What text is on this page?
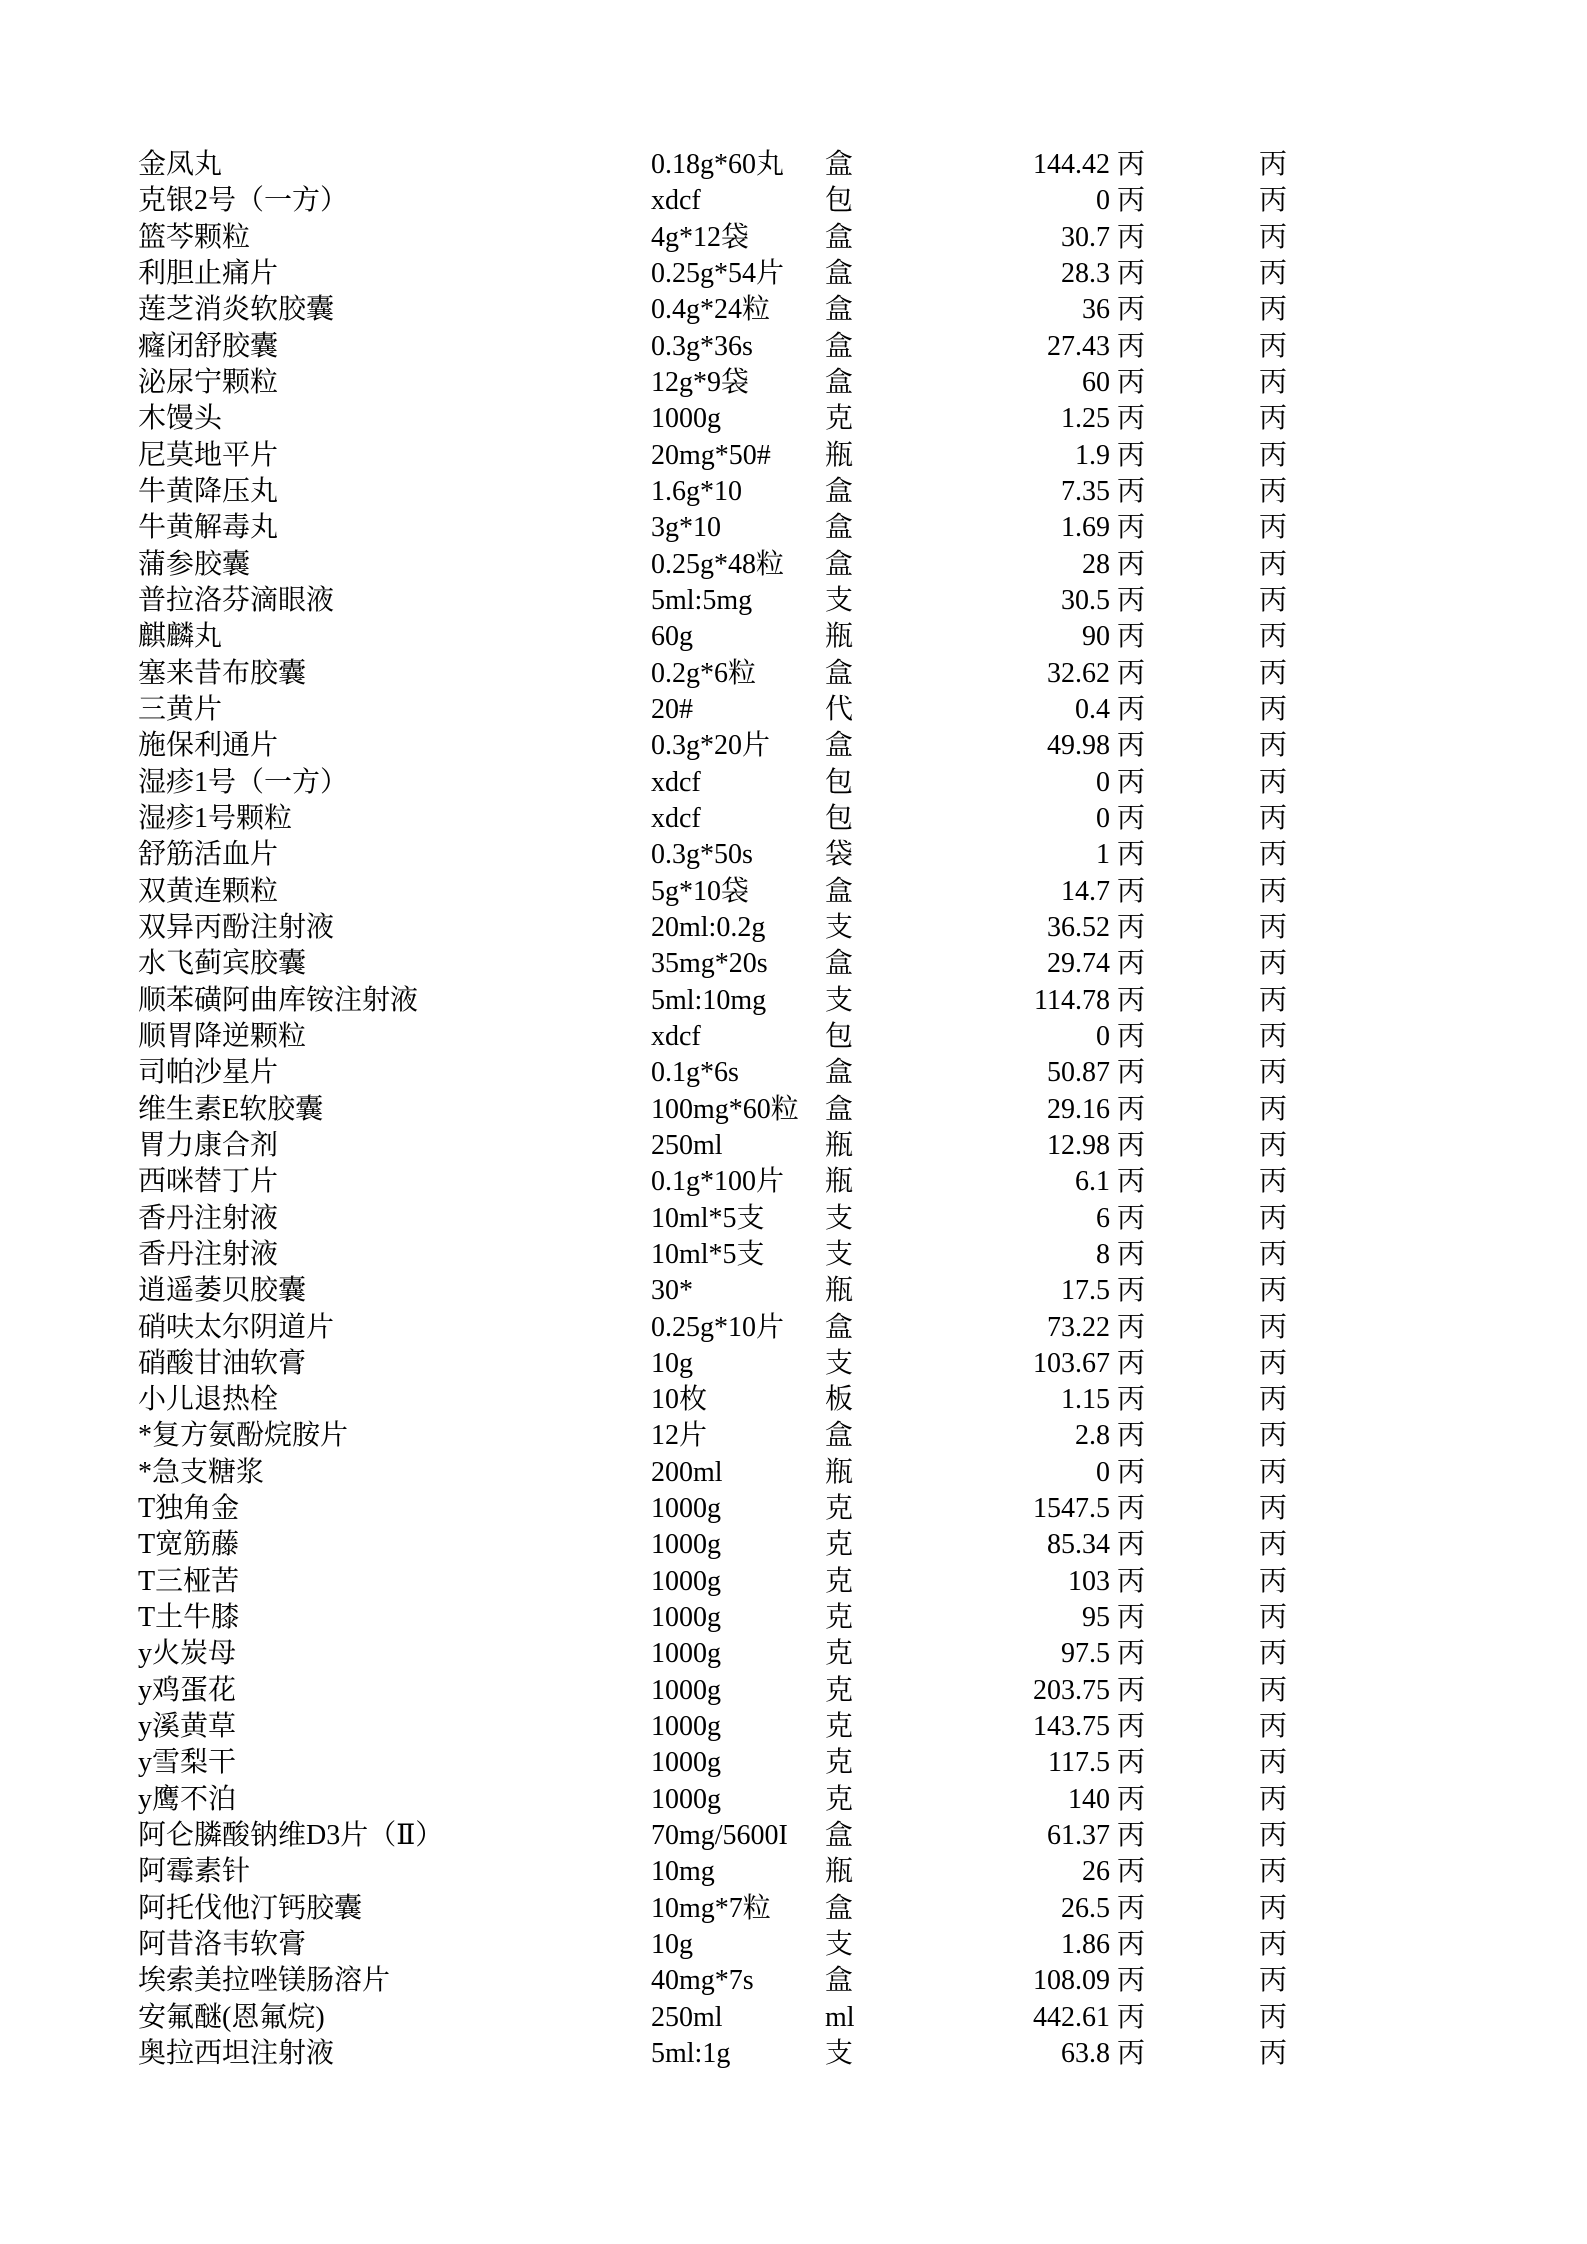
金凤丸	0.18g*60丸 盒	144.42 丙	丙
克银2号（一方）	xdcf	包	0 丙	丙
篮芩颗粒	4g*12袋	盒	30.7 丙	丙
利胆止痛片	0.25g*54片 盒	28.3 丙	丙
莲芝消炎软胶囊	0.4g*24粒 盒	36 丙	丙
癃闭舒胶囊	0.3g*36s	盒	27.43 丙	丙
泌尿宁颗粒	12g*9袋	盒	60 丙	丙
木馒头	1000g	克	1.25 丙	丙
尼莫地平片	20mg*50# 瓶	1.9 丙	丙
牛黄降压丸	1.6g*10	盒	7.35 丙	丙
牛黄解毒丸	3g*10	盒	1.69 丙	丙
蒲参胶囊	0.25g*48粒 盒	28 丙	丙
普拉洛芬滴眼液	5ml:5mg	支	30.5 丙	丙
麒麟丸	60g	瓶	90 丙	丙
塞来昔布胶囊	0.2g*6粒 盒	32.62 丙	丙
三黄片	20#	代	0.4 丙	丙
施保利通片	0.3g*20片 盒	49.98 丙	丙
湿疹1号（一方）	xdcf	包	0 丙	丙
湿疹1号颗粒	xdcf	包	0 丙	丙
舒筋活血片	0.3g*50s	袋	1 丙	丙
双黄连颗粒	5g*10袋	盒	14.7 丙	丙
双异丙酚注射液	20ml:0.2g 支	36.52 丙	丙
水飞蓟宾胶囊	35mg*20s 盒	29.74 丙	丙
顺苯磺阿曲库铵注射液	5ml:10mg 支	114.78 丙	丙
顺胃降逆颗粒	xdcf	包	0 丙	丙
司帕沙星片	0.1g*6s	盒	50.87 丙	丙
维生素E软胶囊	100mg*60粒 盒	29.16 丙	丙
胃力康合剂	250ml	瓶	12.98 丙	丙
西咪替丁片	0.1g*100片 瓶	6.1 丙	丙
香丹注射液	10ml*5支 支	6 丙	丙
香丹注射液	10ml*5支 支	8 丙	丙
逍遥萎贝胶囊	30*	瓶	17.5 丙	丙
硝呋太尔阴道片	0.25g*10片 盒	73.22 丙	丙
硝酸甘油软膏	10g	支	103.67 丙	丙
小儿退热栓	10枚	板	1.15 丙	丙
*复方氨酚烷胺片	12片	盒	2.8 丙	丙
*急支糖浆	200ml	瓶	0 丙	丙
T独角金	1000g	克	1547.5 丙	丙
T宽筋藤	1000g	克	85.34 丙	丙
T三桠苦	1000g	克	103 丙	丙
T土牛膝	1000g	克	95 丙	丙
y火炭母	1000g	克	97.5 丙	丙
y鸡蛋花	1000g	克	203.75 丙	丙
y溪黄草	1000g	克	143.75 丙	丙
y雪梨干	1000g	克	117.5 丙	丙
y鹰不泊	1000g	克	140 丙	丙
阿仑膦酸钠维D3片（Ⅱ）	70mg/5600I 盒	61.37 丙	丙
阿霉素针	10mg	瓶	26 丙	丙
阿托伐他汀钙胶囊	10mg*7粒 盒	26.5 丙	丙
阿昔洛韦软膏	10g	支	1.86 丙	丙
埃索美拉唑镁肠溶片	40mg*7s	盒	108.09 丙	丙
安氟醚(恩氟烷)	250ml	ml	442.61 丙	丙
奥拉西坦注射液	5ml:1g	支	63.8 丙	丙
